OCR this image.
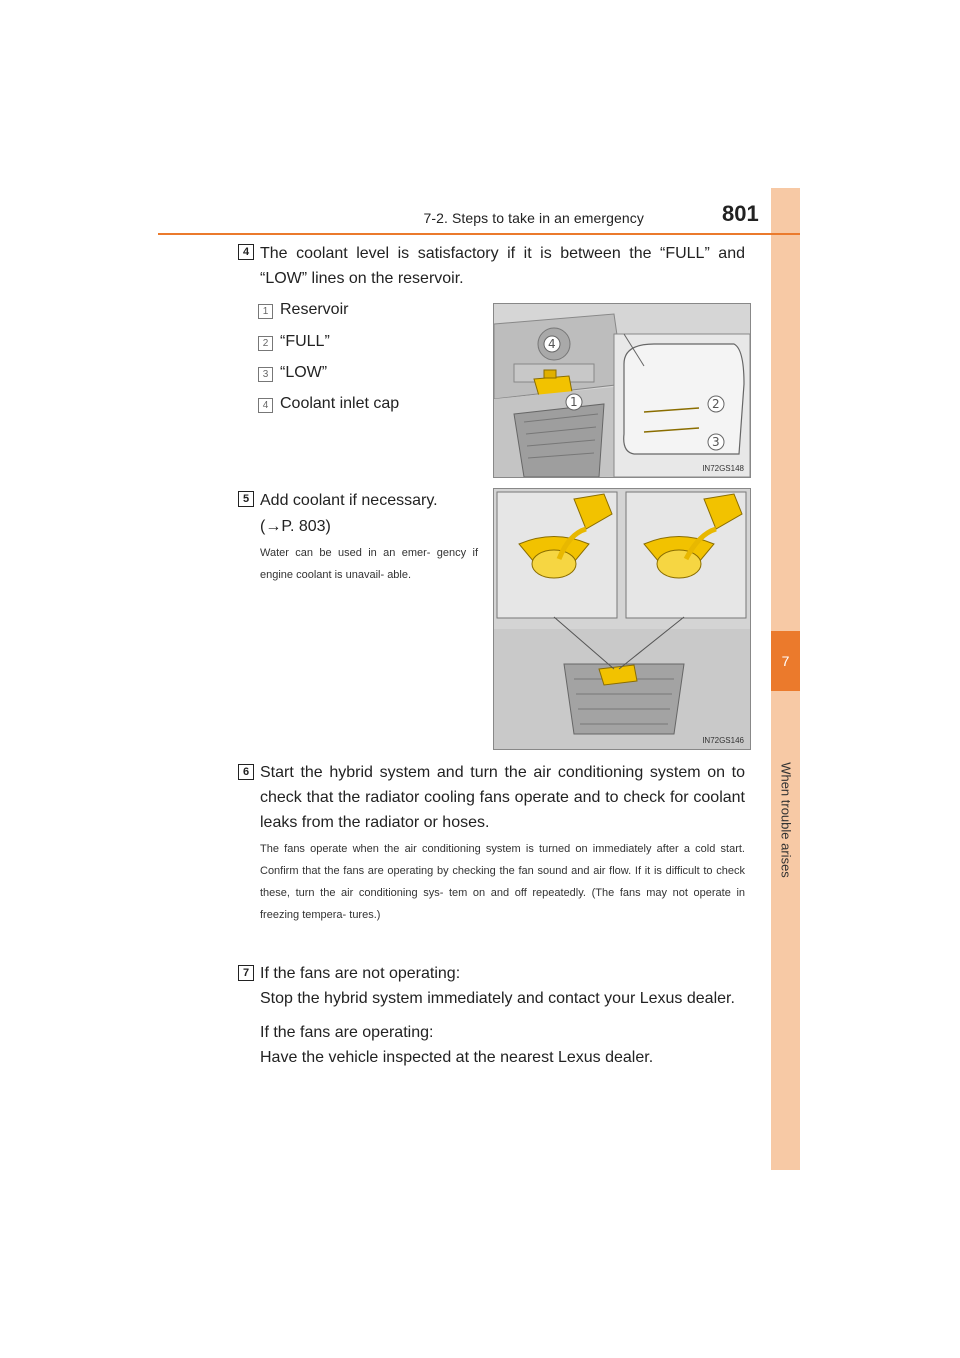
7
When trouble arises
7-2. Steps to take in an emergency	801
4 The coolant level is satisfactory if it is between the “FULL” and “LOW” lines on the reservoir.
1 Reservoir
2 “FULL”
3 “LOW”
4 Coolant inlet cap
4
1	2
3
IN72GS148
5 Add coolant if necessary.
(→P. 803)
Water can be used in an emer- gency if engine coolant is unavail- able.
IN72GS146
6 Start the hybrid system and turn the air conditioning system on to check that the radiator cooling fans operate and to check for coolant leaks from the radiator or hoses.
The fans operate when the air conditioning system is turned on immediately after a cold start. Confirm that the fans are operating by checking the fan sound and air flow. If it is difficult to check these, turn the air conditioning sys- tem on and off repeatedly. (The fans may not operate in freezing tempera- tures.)
7 If the fans are not operating:
Stop the hybrid system immediately and contact your Lexus dealer.
If the fans are operating:
Have the vehicle inspected at the nearest Lexus dealer.
